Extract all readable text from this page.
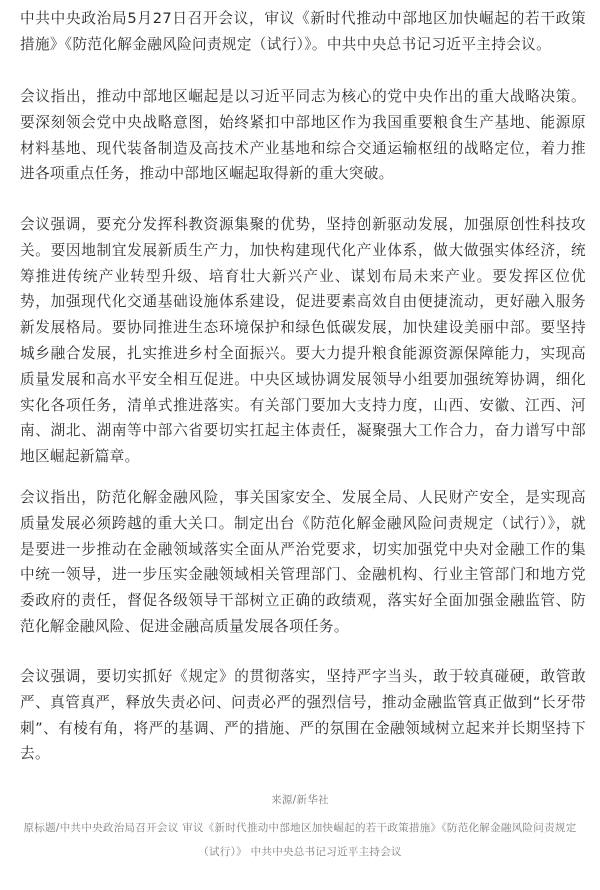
中共中央政治局5月27日召开会议，审议《新时代推动中部地区加快崛起的若干政策措施》《防范化解金融风险问责规定（试行）》。中共中央总书记习近平主持会议。

会议指出，推动中部地区崛起是以习近平同志为核心的党中央作出的重大战略决策。要深刻领会党中央战略意图，始终紧扣中部地区作为我国重要粮食生产基地、能源原材料基地、现代装备制造及高技术产业基地和综合交通运输枢纽的战略定位，着力推进各项重点任务，推动中部地区崛起取得新的重大突破。

会议强调，要充分发挥科教资源集聚的优势，坚持创新驱动发展，加强原创性科技攻关。要因地制宜发展新质生产力，加快构建现代化产业体系，做大做强实体经济，统筹推进传统产业转型升级、培育壮大新兴产业、谋划布局未来产业。要发挥区位优势，加强现代化交通基础设施体系建设，促进要素高效自由便捷流动，更好融入服务新发展格局。要协同推进生态环境保护和绿色低碳发展，加快建设美丽中部。要坚持城乡融合发展，扎实推进乡村全面振兴。要大力提升粮食能源资源保障能力，实现高质量发展和高水平安全相互促进。中央区域协调发展领导小组要加强统筹协调，细化实化各项任务，清单式推进落实。有关部门要加大支持力度，山西、安徽、江西、河南、湖北、湖南等中部六省要切实扛起主体责任，凝聚强大工作合力，奋力谱写中部地区崛起新篇章。

会议指出，防范化解金融风险，事关国家安全、发展全局、人民财产安全，是实现高质量发展必须跨越的重大关口。制定出台《防范化解金融风险问责规定（试行）》，就是要进一步推动在金融领域落实全面从严治党要求，切实加强党中央对金融工作的集中统一领导，进一步压实金融领域相关管理部门、金融机构、行业主管部门和地方党委政府的责任，督促各级领导干部树立正确的政绩观，落实好全面加强金融监管、防范化解金融风险、促进金融高质量发展各项任务。

会议强调，要切实抓好《规定》的贯彻落实，坚持严字当头，敢于较真碰硬，敢管敢严、真管真严，释放失责必问、问责必严的强烈信号，推动金融监管真正做到“长牙带刺”、有棱有角，将严的基调、严的措施、严的氛围在金融领域树立起来并长期坚持下去。

来源/新华社
原标题/中共中央政治局召开会议 审议《新时代推动中部地区加快崛起的若干政策措施》《防范化解金融风险问责规定（试行）》 中共中央总书记习近平主持会议
